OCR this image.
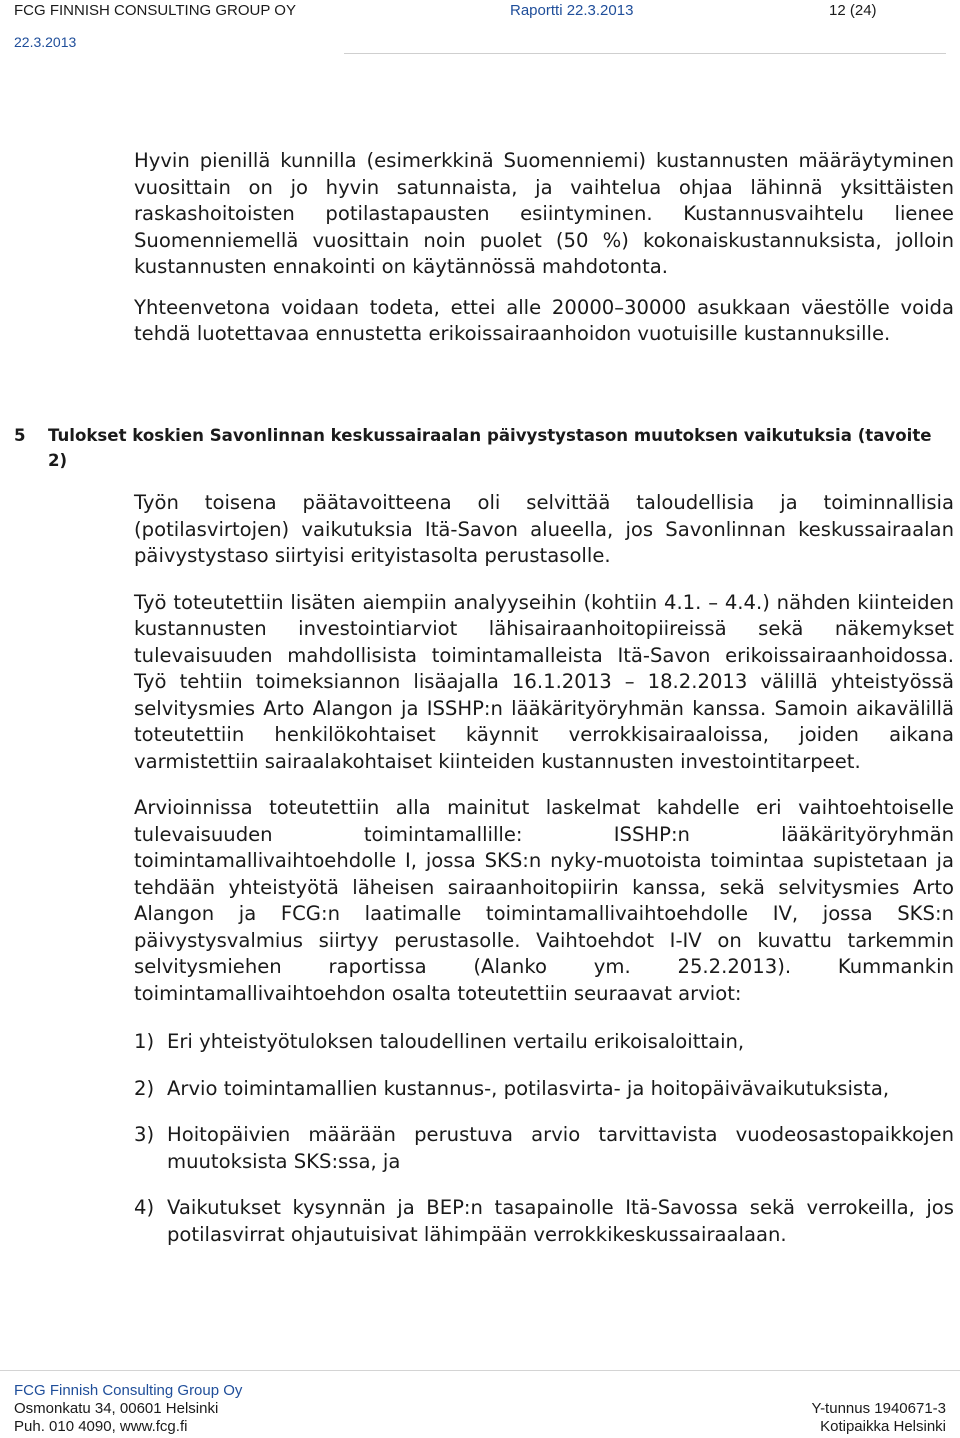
FCG FINNISH CONSULTING GROUP OY	Raportti 22.3.2013	12 (24)
22.3.2013

Hyvin pienillä kunnilla (esimerkkinä Suomenniemi) kustannusten määräytyminen vuosittain on jo hyvin satunnaista, ja vaihtelua ohjaa lähinnä yksittäisten raskashoitoisten potilastapausten esiintyminen. Kustannusvaihtelu lienee Suomenniemellä vuosittain noin puolet (50 %) kokonaiskustannuksista, jolloin kustannusten ennakointi on käytännössä mahdotonta.

Yhteenvetona voidaan todeta, ettei alle 20000–30000 asukkaan väestölle voida tehdä luotettavaa ennustetta erikoissairaanhoidon vuotuisille kustannuksille.

5 Tulokset koskien Savonlinnan keskussairaalan päivystystason muutoksen vaikutuksia (tavoite 2)

Työn toisena päätavoitteena oli selvittää taloudellisia ja toiminnallisia (potilasvirtojen) vaikutuksia Itä-Savon alueella, jos Savonlinnan keskussairaalan päivystystaso siirtyisi erityistasolta perustasolle.

Työ toteutettiin lisäten aiempiin analyyseihin (kohtiin 4.1. – 4.4.) nähden kiinteiden kustannusten investointiarviot lähisairaanhoitopiireissä sekä näkemykset tulevaisuuden mahdollisista toimintamalleista Itä-Savon erikoissairaanhoidossa. Työ tehtiin toimeksiannon lisäajalla 16.1.2013 – 18.2.2013 välillä yhteistyössä selvitysmies Arto Alangon ja ISSHP:n lääkärityöryhmän kanssa. Samoin aikavälillä toteutettiin henkilökohtaiset käynnit verrokkisairaaloissa, joiden aikana varmistettiin sairaalakohtaiset kiinteiden kustannusten investointitarpeet.

Arvioinnissa toteutettiin alla mainitut laskelmat kahdelle eri vaihtoehtoiselle tulevaisuuden toimintamallille: ISSHP:n lääkärityöryhmän toimintamallivaihtoehdolle I, jossa SKS:n nyky-muotoista toimintaa supistetaan ja tehdään yhteistyötä läheisen sairaanhoitopiirin kanssa, sekä selvitysmies Arto Alangon ja FCG:n laatimalle toimintamallivaihtoehdolle IV, jossa SKS:n päivystysvalmius siirtyy perustasolle. Vaihtoehdot I-IV on kuvattu tarkemmin selvitysmiehen raportissa (Alanko ym. 25.2.2013). Kummankin toimintamallivaihtoehdon osalta toteutettiin seuraavat arviot:

1) Eri yhteistyötuloksen taloudellinen vertailu erikoisaloittain,
2) Arvio toimintamallien kustannus-, potilasvirta- ja hoitopäivävaikutuksista,
3) Hoitopäivien määrään perustuva arvio tarvittavista vuodeosastopaikkojen muutoksista SKS:ssa, ja
4) Vaikutukset kysynnän ja BEP:n tasapainolle Itä-Savossa sekä verrokeilla, jos potilasvirrat ohjautuisivat lähimpään verrokkikeskussairaalaan.
FCG Finnish Consulting Group Oy
Osmonkatu 34, 00601 Helsinki
Puh. 010 4090, www.fcg.fi
Y-tunnus 1940671-3
Kotipaikka Helsinki
